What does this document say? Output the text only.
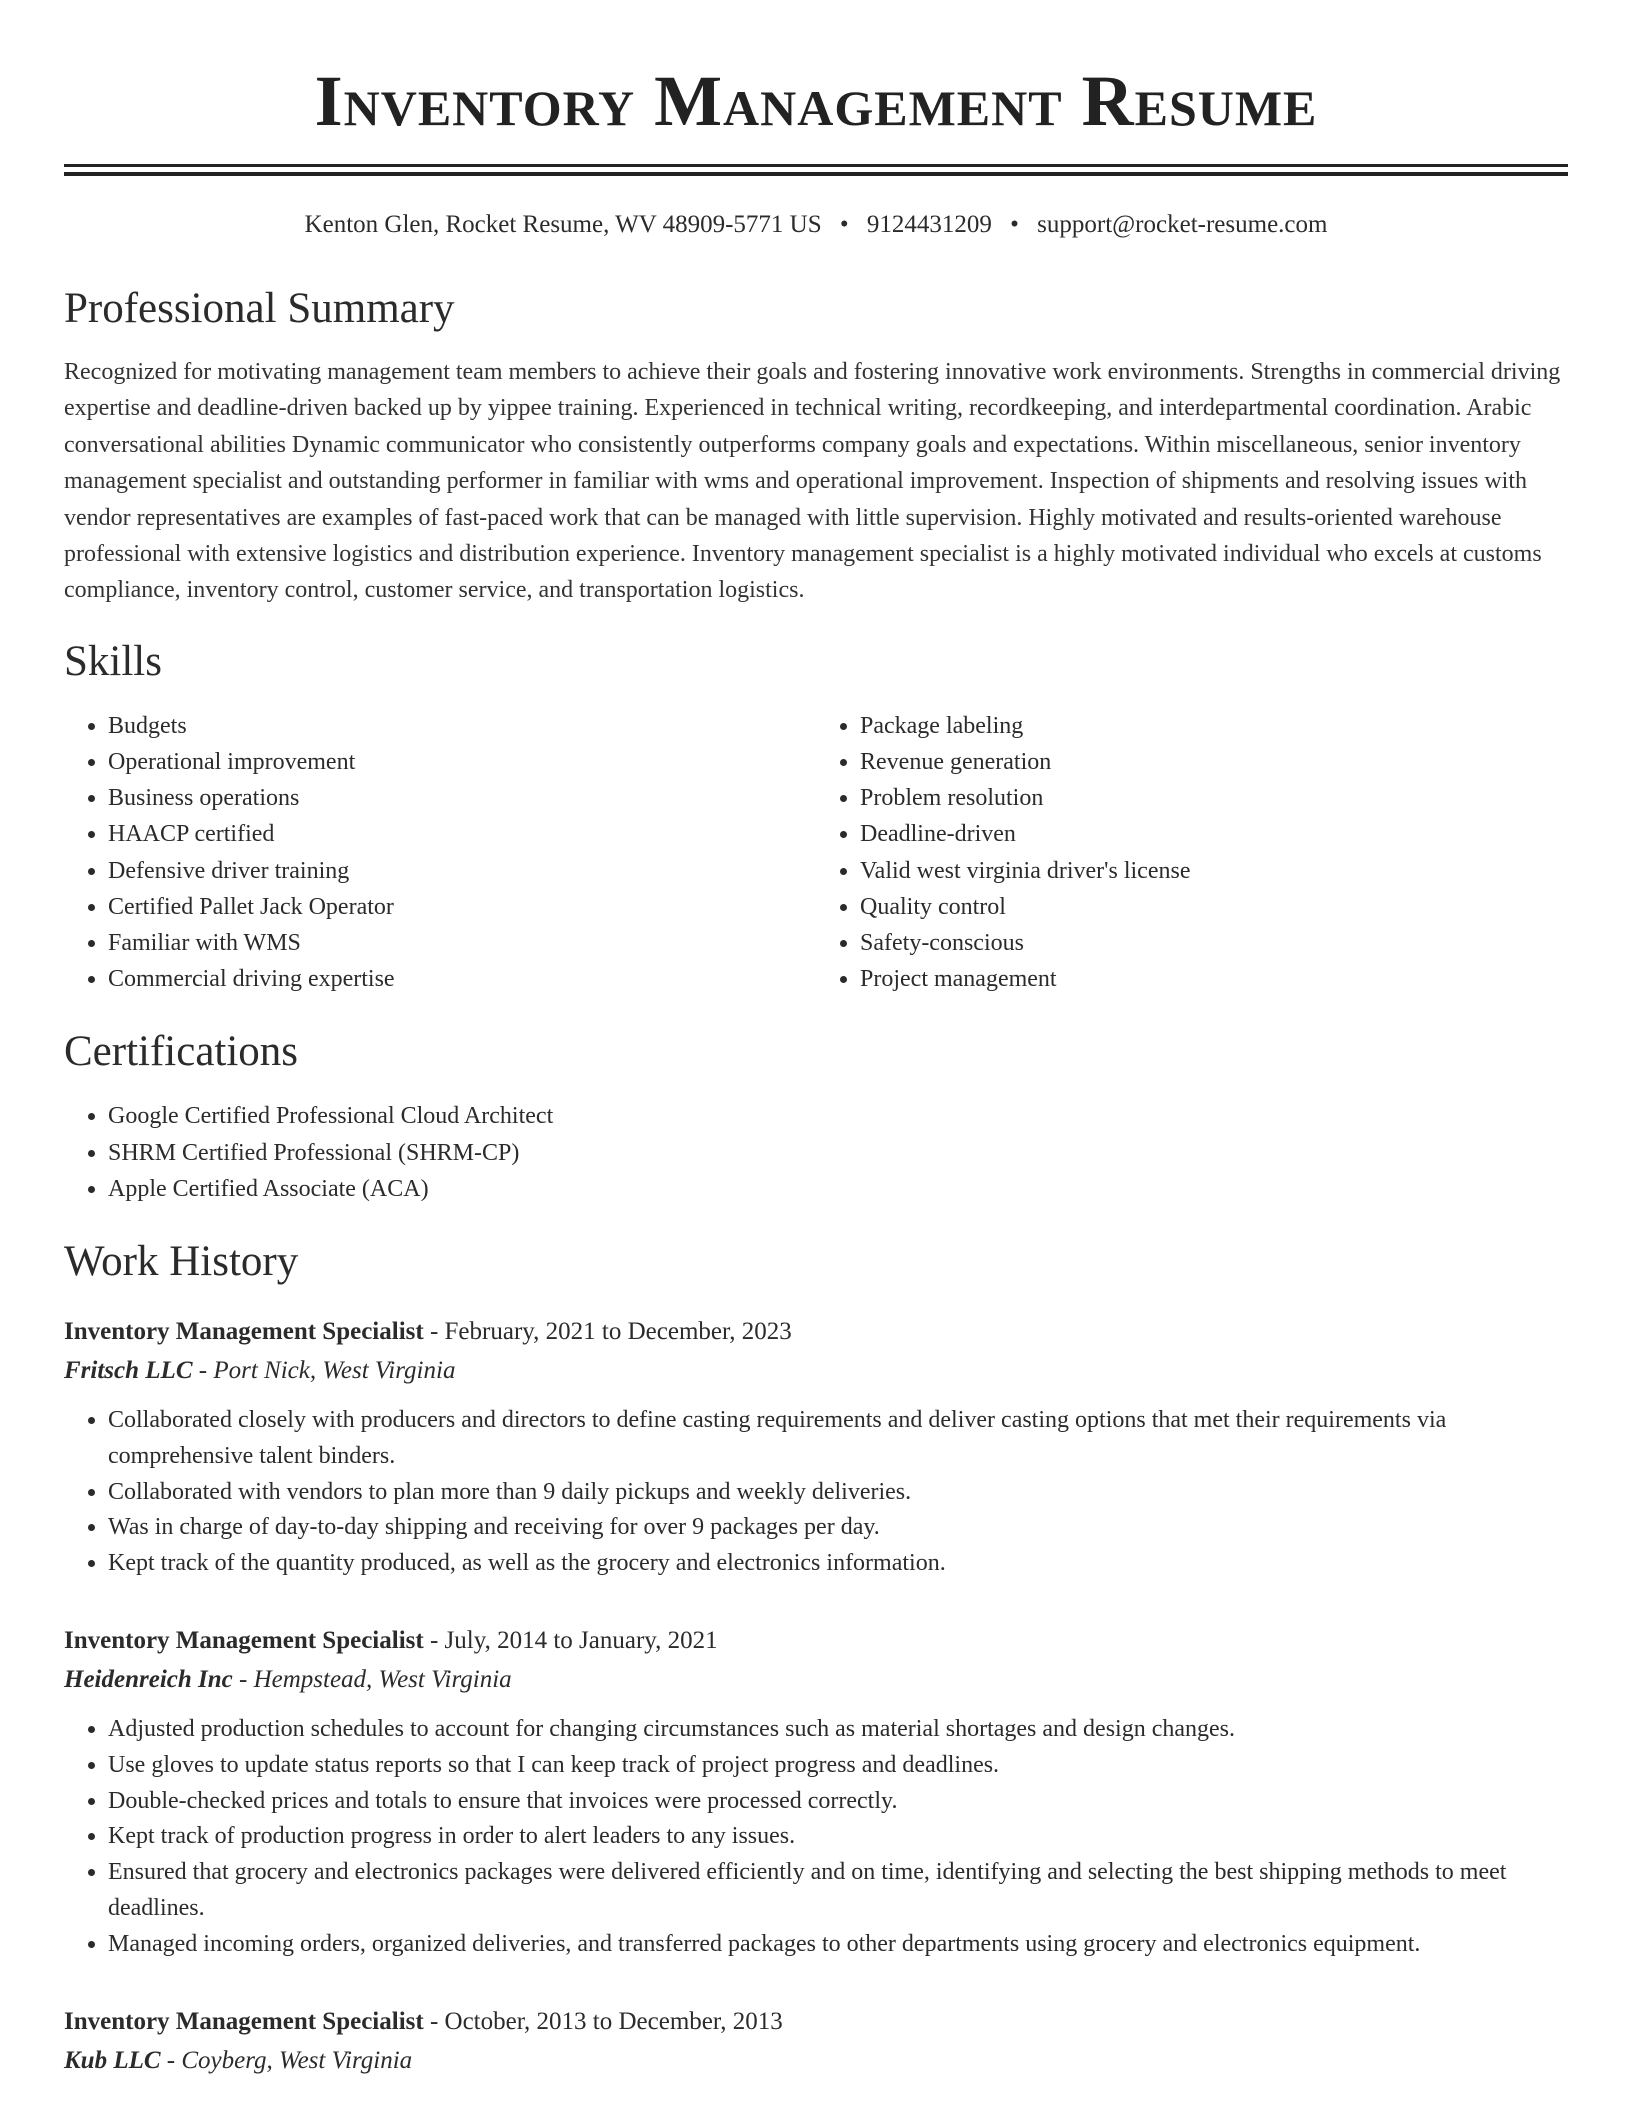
Inventory Management Resume
Kenton Glen, Rocket Resume, WV 48909-5771 US • 9124431209 • support@rocket-resume.com
Professional Summary
Recognized for motivating management team members to achieve their goals and fostering innovative work environments. Strengths in commercial driving expertise and deadline-driven backed up by yippee training. Experienced in technical writing, recordkeeping, and interdepartmental coordination. Arabic conversational abilities Dynamic communicator who consistently outperforms company goals and expectations. Within miscellaneous, senior inventory management specialist and outstanding performer in familiar with wms and operational improvement. Inspection of shipments and resolving issues with vendor representatives are examples of fast-paced work that can be managed with little supervision. Highly motivated and results-oriented warehouse professional with extensive logistics and distribution experience. Inventory management specialist is a highly motivated individual who excels at customs compliance, inventory control, customer service, and transportation logistics.
Skills
• Budgets
• Operational improvement
• Business operations
• HAACP certified
• Defensive driver training
• Certified Pallet Jack Operator
• Familiar with WMS
• Commercial driving expertise
• Package labeling
• Revenue generation
• Problem resolution
• Deadline-driven
• Valid west virginia driver's license
• Quality control
• Safety-conscious
• Project management
Certifications
• Google Certified Professional Cloud Architect
• SHRM Certified Professional (SHRM-CP)
• Apple Certified Associate (ACA)
Work History
Inventory Management Specialist - February, 2021 to December, 2023
Fritsch LLC - Port Nick, West Virginia
• Collaborated closely with producers and directors to define casting requirements and deliver casting options that met their requirements via comprehensive talent binders.
• Collaborated with vendors to plan more than 9 daily pickups and weekly deliveries.
• Was in charge of day-to-day shipping and receiving for over 9 packages per day.
• Kept track of the quantity produced, as well as the grocery and electronics information.
Inventory Management Specialist - July, 2014 to January, 2021
Heidenreich Inc - Hempstead, West Virginia
• Adjusted production schedules to account for changing circumstances such as material shortages and design changes.
• Use gloves to update status reports so that I can keep track of project progress and deadlines.
• Double-checked prices and totals to ensure that invoices were processed correctly.
• Kept track of production progress in order to alert leaders to any issues.
• Ensured that grocery and electronics packages were delivered efficiently and on time, identifying and selecting the best shipping methods to meet deadlines.
• Managed incoming orders, organized deliveries, and transferred packages to other departments using grocery and electronics equipment.
Inventory Management Specialist - October, 2013 to December, 2013
Kub LLC - Coyberg, West Virginia
